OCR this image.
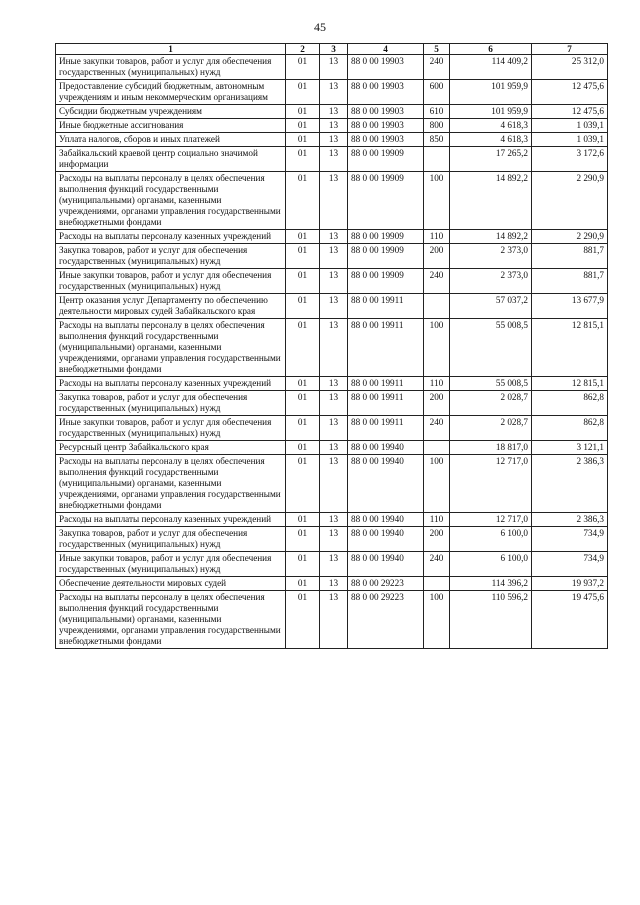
45
1	2	3	4	5	6	7
Иные закупки товаров, работ и услуг для обеспечения государственных (муниципальных) нужд	01	13	88 0 00 19903	240	114 409,2	25 312,0
Предоставление субсидий бюджетным, автономным учреждениям и иным некоммерческим организациям	01	13	88 0 00 19903	600	101 959,9	12 475,6
Субсидии бюджетным учреждениям	01	13	88 0 00 19903	610	101 959,9	12 475,6
Иные бюджетные ассигнования	01	13	88 0 00 19903	800	4 618,3	1 039,1
Уплата налогов, сборов и иных платежей	01	13	88 0 00 19903	850	4 618,3	1 039,1
Забайкальский краевой центр социально значимой информации	01	13	88 0 00 19909		17 265,2	3 172,6
Расходы на выплаты персоналу в целях обеспечения выполнения функций государственными (муниципальными) органами, казенными учреждениями, органами управления государственными внебюджетными фондами	01	13	88 0 00 19909	100	14 892,2	2 290,9
Расходы на выплаты персоналу казенных учреждений	01	13	88 0 00 19909	110	14 892,2	2 290,9
Закупка товаров, работ и услуг для обеспечения государственных (муниципальных) нужд	01	13	88 0 00 19909	200	2 373,0	881,7
Иные закупки товаров, работ и услуг для обеспечения государственных (муниципальных) нужд	01	13	88 0 00 19909	240	2 373,0	881,7
Центр оказания услуг Департаменту по обеспечению деятельности мировых судей Забайкальского края	01	13	88 0 00 19911		57 037,2	13 677,9
Расходы на выплаты персоналу в целях обеспечения выполнения функций государственными (муниципальными) органами, казенными учреждениями, органами управления государственными внебюджетными фондами	01	13	88 0 00 19911	100	55 008,5	12 815,1
Расходы на выплаты персоналу казенных учреждений	01	13	88 0 00 19911	110	55 008,5	12 815,1
Закупка товаров, работ и услуг для обеспечения государственных (муниципальных) нужд	01	13	88 0 00 19911	200	2 028,7	862,8
Иные закупки товаров, работ и услуг для обеспечения государственных (муниципальных) нужд	01	13	88 0 00 19911	240	2 028,7	862,8
Ресурсный центр Забайкальского края	01	13	88 0 00 19940		18 817,0	3 121,1
Расходы на выплаты персоналу в целях обеспечения выполнения функций государственными (муниципальными) органами, казенными учреждениями, органами управления государственными внебюджетными фондами	01	13	88 0 00 19940	100	12 717,0	2 386,3
Расходы на выплаты персоналу казенных учреждений	01	13	88 0 00 19940	110	12 717,0	2 386,3
Закупка товаров, работ и услуг для обеспечения государственных (муниципальных) нужд	01	13	88 0 00 19940	200	6 100,0	734,9
Иные закупки товаров, работ и услуг для обеспечения государственных (муниципальных) нужд	01	13	88 0 00 19940	240	6 100,0	734,9
Обеспечение деятельности мировых судей	01	13	88 0 00 29223		114 396,2	19 937,2
Расходы на выплаты персоналу в целях обеспечения выполнения функций государственными (муниципальными) органами, казенными учреждениями, органами управления государственными внебюджетными фондами	01	13	88 0 00 29223	100	110 596,2	19 475,6
